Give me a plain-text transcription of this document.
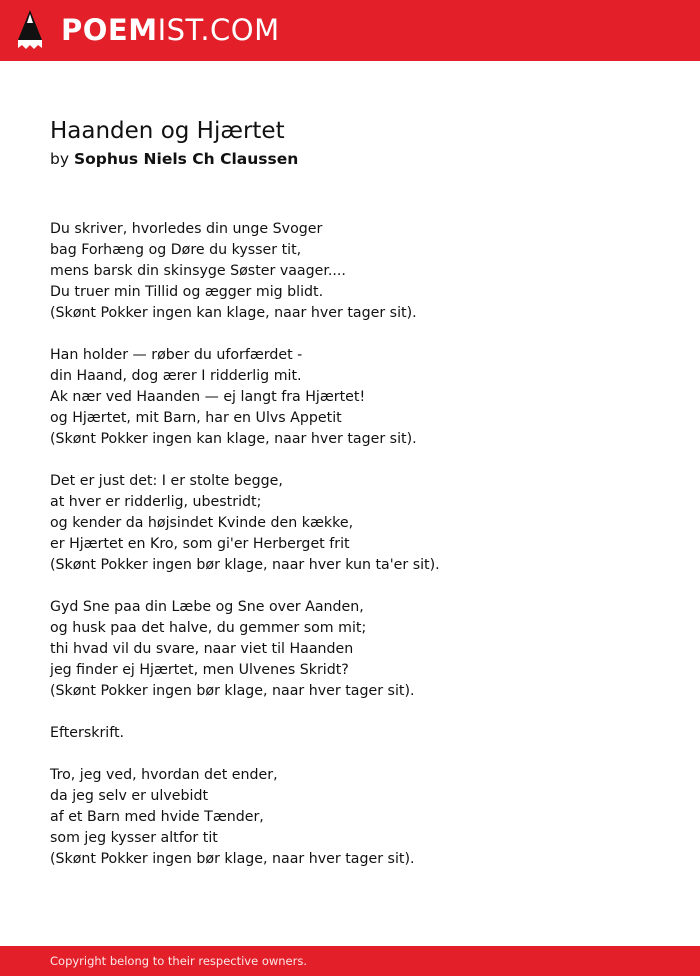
POEMIST.COM
Haanden og Hjærtet
by Sophus Niels Ch Claussen

Du skriver, hvorledes din unge Svoger
bag Forhæng og Døre du kysser tit,
mens barsk din skinsyge Søster vaager....
Du truer min Tillid og ægger mig blidt.
(Skønt Pokker ingen kan klage, naar hver tager sit).

Han holder — røber du uforfærdet -
din Haand, dog ærer I ridderlig mit.
Ak nær ved Haanden — ej langt fra Hjærtet!
og Hjærtet, mit Barn, har en Ulvs Appetit
(Skønt Pokker ingen kan klage, naar hver tager sit).

Det er just det: I er stolte begge,
at hver er ridderlig, ubestridt;
og kender da højsindet Kvinde den kække,
er Hjærtet en Kro, som gi'er Herberget frit
(Skønt Pokker ingen bør klage, naar hver kun ta'er sit).

Gyd Sne paa din Læbe og Sne over Aanden,
og husk paa det halve, du gemmer som mit;
thi hvad vil du svare, naar viet til Haanden
jeg finder ej Hjærtet, men Ulvenes Skridt?
(Skønt Pokker ingen bør klage, naar hver tager sit).

Efterskrift.

Tro, jeg ved, hvordan det ender,
da jeg selv er ulvebidt
af et Barn med hvide Tænder,
som jeg kysser altfor tit
(Skønt Pokker ingen bør klage, naar hver tager sit).

Copyright belong to their respective owners.
